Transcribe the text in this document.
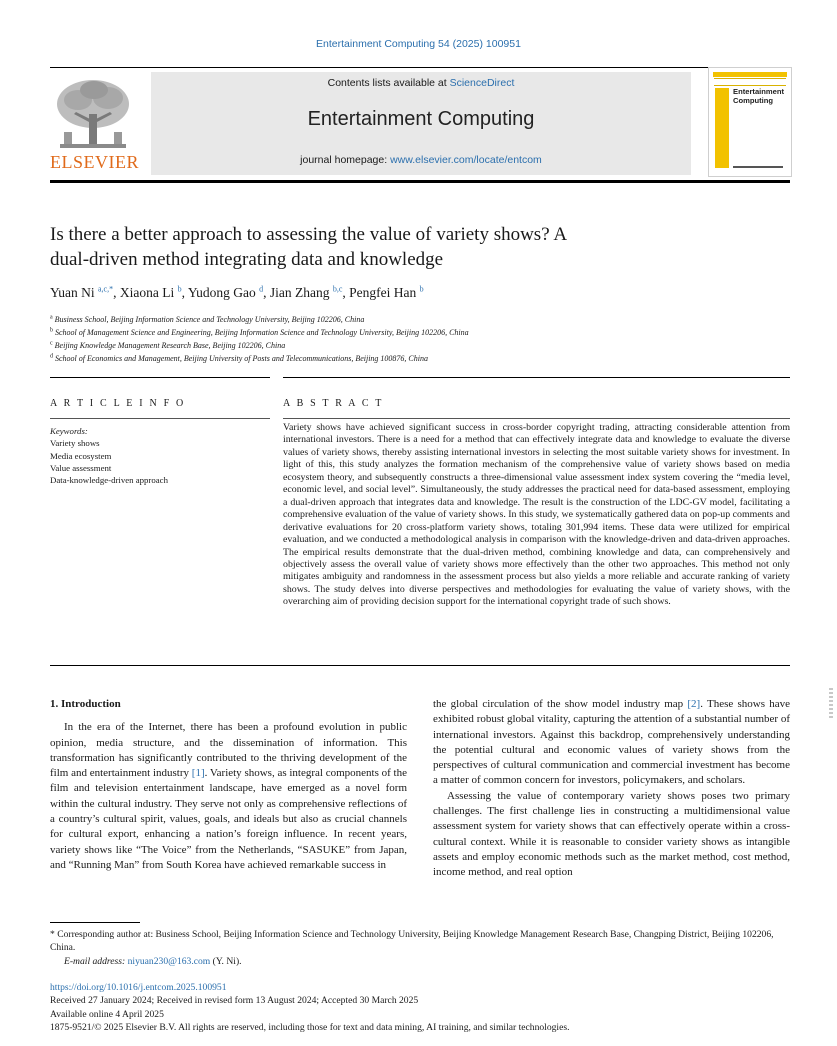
Entertainment Computing 54 (2025) 100951
ELSEVIER
Contents lists available at ScienceDirect
Entertainment Computing
journal homepage: www.elsevier.com/locate/entcom
Entertainment
Computing
Is there a better approach to assessing the value of variety shows? A
dual-driven method integrating data and knowledge
Yuan Ni $^{a,c,*}$, Xiaona Li $^b$, Yudong Gao $^d$, Jian Zhang $^{b,c}$, Pengfei Han $^b$
$^a$ Business School, Beijing Information Science and Technology University, Beijing 102206, China
$^b$ School of Management Science and Engineering, Beijing Information Science and Technology University, Beijing 102206, China
$^c$ Beijing Knowledge Management Research Base, Beijing 102206, China
$^d$ School of Economics and Management, Beijing University of Posts and Telecommunications, Beijing 100876, China
A R T I C L E I N F O	A B S T R A C T
Keywords:
Variety shows
Media ecosystem
Value assessment
Data-knowledge-driven approach
Variety shows have achieved significant success in cross-border copyright trading, attracting considerable attention from international investors. There is a need for a method that can effectively integrate data and knowledge to evaluate the diverse values of variety shows, thereby assisting international investors in selecting the most suitable variety shows for investment. In light of this, this study analyzes the formation mechanism of the comprehensive value of variety shows based on media ecosystem theory, and subsequently constructs a three-dimensional value assessment index system covering the “media level, economic level, and social level”. Simultaneously, the study addresses the practical need for data-based assessment, employing a dual-driven approach that integrates data and knowledge. The result is the construction of the LDC-GV model, facilitating a comprehensive evaluation of the value of variety shows. In this study, we systematically gathered data on pop-up comments and derivative evaluations for 20 cross-platform variety shows, totaling 301,994 items. These data were utilized for empirical evaluation, and we conducted a methodological analysis in comparison with the knowledge-driven and data-driven approaches. The empirical results demonstrate that the dual-driven method, combining knowledge and data, can comprehensively and objectively assess the overall value of variety shows more effectively than the other two approaches. This method not only mitigates ambiguity and randomness in the assessment process but also yields a more reliable and accurate ranking of variety shows. The study delves into diverse perspectives and methodologies for evaluating the value of variety shows, with the overarching aim of providing decision support for the international copyright trade of such shows.
1. Introduction

In the era of the Internet, there has been a profound evolution in public opinion, media structure, and the dissemination of information. This transformation has significantly contributed to the thriving development of the film and entertainment industry [1]. Variety shows, as integral components of the film and television entertainment landscape, have emerged as a novel form within the cultural industry. They serve not only as comprehensive reflections of a country’s cultural spirit, values, goals, and ideals but also as crucial channels for cultural export, enhancing a nation’s foreign influence. In recent years, variety shows like “The Voice” from the Netherlands, “SASUKE” from Japan, and “Running Man” from South Korea have achieved remarkable success in

the global circulation of the show model industry map [2]. These shows have exhibited robust global vitality, capturing the attention of a substantial number of international investors. Against this backdrop, comprehensively understanding the potential cultural and economic values of variety shows from the perspectives of cultural communication and commercial investment has become a matter of common concern for investors, policymakers, and scholars.

Assessing the value of contemporary variety shows poses two primary challenges. The first challenge lies in constructing a multidimensional value assessment system for variety shows that can effectively operate within a cross-cultural context. While it is reasonable to consider variety shows as intangible assets and employ economic methods such as the market method, cost method, income method, and real option

* Corresponding author at: Business School, Beijing Information Science and Technology University, Beijing Knowledge Management Research Base, Changping District, Beijing 102206, China.
E-mail address: niyuan230@163.com (Y. Ni).
https://doi.org/10.1016/j.entcom.2025.100951
Received 27 January 2024; Received in revised form 13 August 2024; Accepted 30 March 2025
Available online 4 April 2025
1875-9521/© 2025 Elsevier B.V. All rights are reserved, including those for text and data mining, AI training, and similar technologies.
